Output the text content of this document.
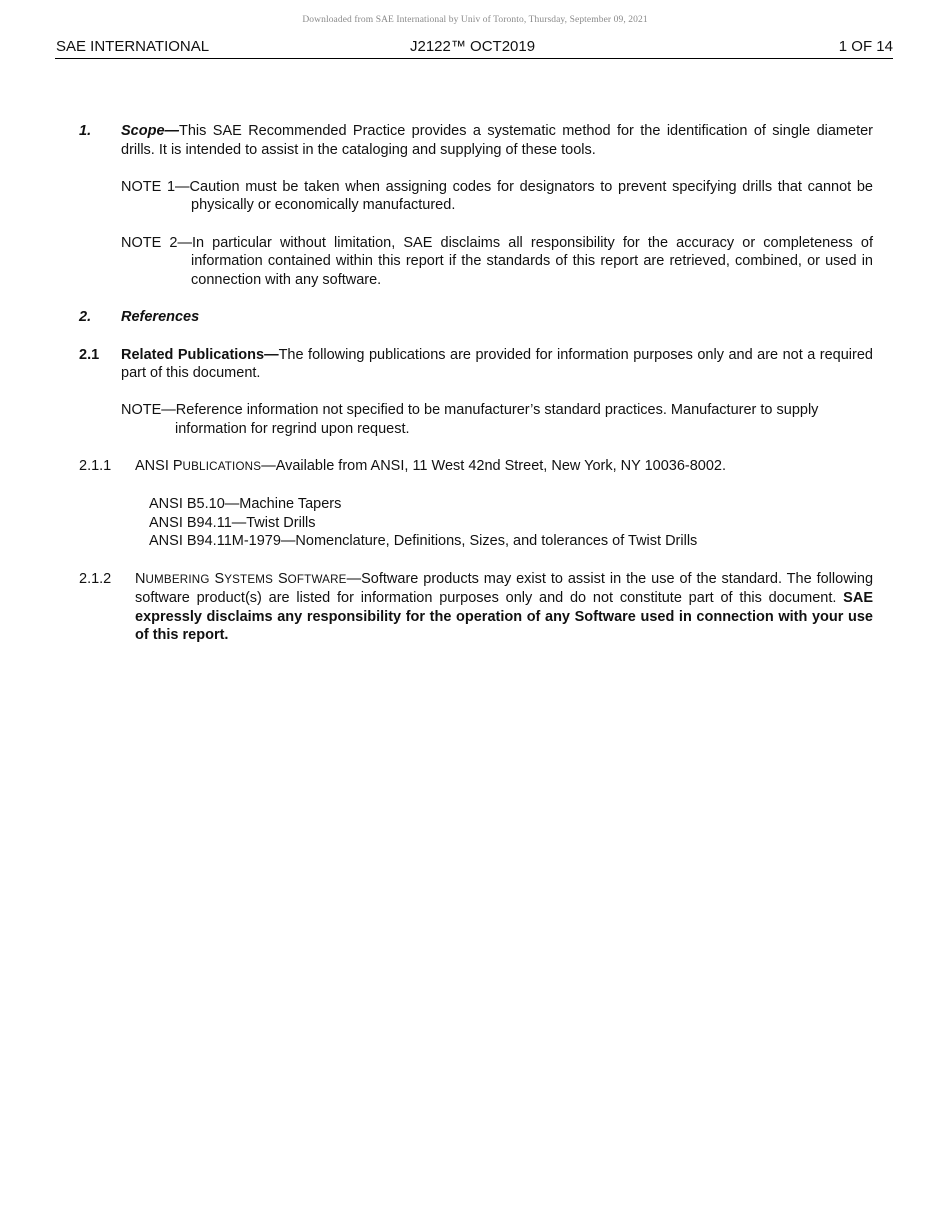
Downloaded from SAE International by Univ of Toronto, Thursday, September 09, 2021
SAE INTERNATIONAL	J2122™ OCT2019	1 OF 14
1.	Scope—This SAE Recommended Practice provides a systematic method for the identification of single diameter drills. It is intended to assist in the cataloging and supplying of these tools.
NOTE 1—Caution must be taken when assigning codes for designators to prevent specifying drills that cannot be physically or economically manufactured.
NOTE 2—In particular without limitation, SAE disclaims all responsibility for the accuracy or completeness of information contained within this report if the standards of this report are retrieved, combined, or used in connection with any software.
2.	References
2.1	Related Publications—The following publications are provided for information purposes only and are not a required part of this document.
NOTE—Reference information not specified to be manufacturer’s standard practices. Manufacturer to supply information for regrind upon request.
2.1.1	ANSI PUBLICATIONS—Available from ANSI, 11 West 42nd Street, New York, NY 10036-8002.
ANSI B5.10—Machine Tapers
ANSI B94.11—Twist Drills
ANSI B94.11M-1979—Nomenclature, Definitions, Sizes, and tolerances of Twist Drills
2.1.2	NUMBERING SYSTEMS SOFTWARE—Software products may exist to assist in the use of the standard. The following software product(s) are listed for information purposes only and do not constitute part of this document. SAE expressly disclaims any responsibility for the operation of any Software used in connection with your use of this report.
